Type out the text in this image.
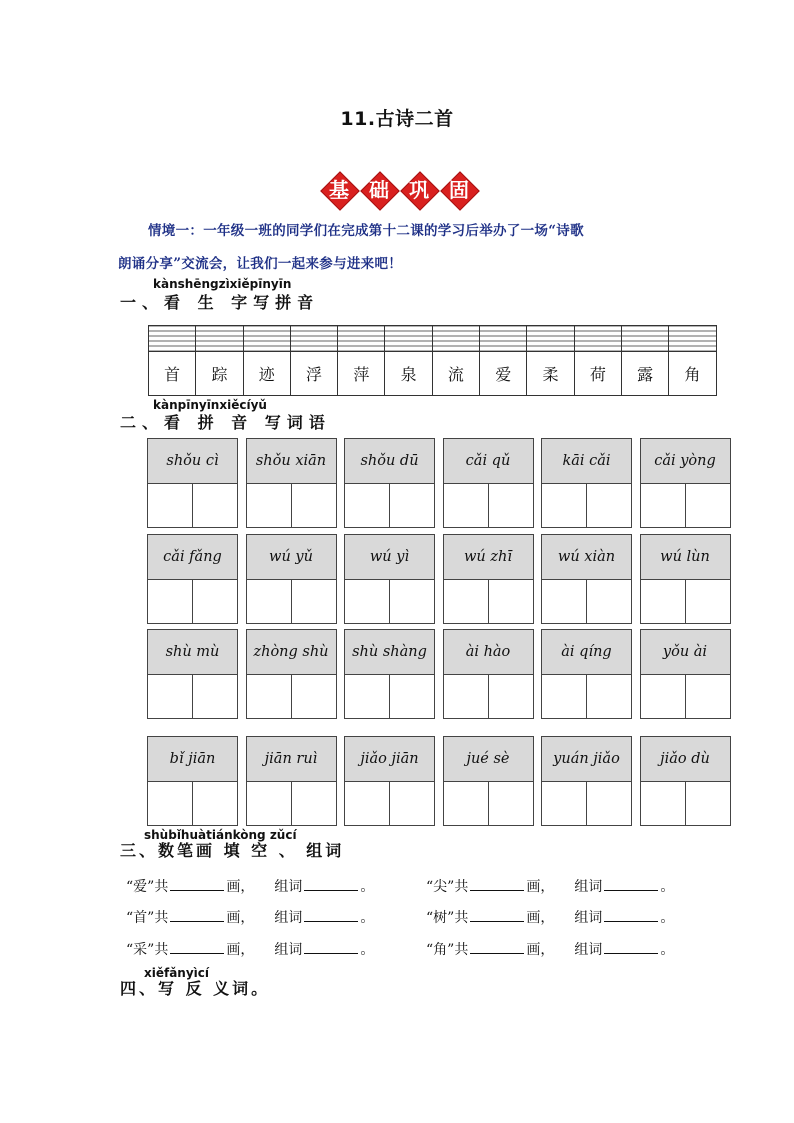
11.古诗二首
基	础	巩	固
情境一：一年级一班的同学们在完成第十二课的学习后举办了一场“诗歌
朗诵分享”交流会，让我们一起来参与进来吧！
kànshēngzìxiěpīnyīn
一、看 生 字写拼音

首	踪	迹	浮	萍	泉	流	爱	柔	荷	露	角
kànpīnyīnxiěcíyǔ
二、看 拼 音 写词语
shǒu cì	shǒu xiān	shǒu dū	cǎi qǔ	kāi cǎi	cǎi yòng
cǎi fǎng	wú yǔ	wú yì	wú zhī	wú xiàn	wú lùn
shù mù	zhòng shù	shù shàng	ài hào	ài qíng	yǒu ài
bǐ jiān	jiān ruì	jiǎo jiān	jué sè	yuán jiǎo	jiǎo dù
shùbǐhuàtiánkòng zǔcí
三、数笔画 填 空 、 组词
“爱”共	画， 组词	。	“尖”共	画， 组词	。
“首”共	画， 组词	。	“树”共	画， 组词	。
“采”共	画， 组词	。	“角”共	画， 组词	。
xiěfǎnyìcí
四、写 反 义词。
